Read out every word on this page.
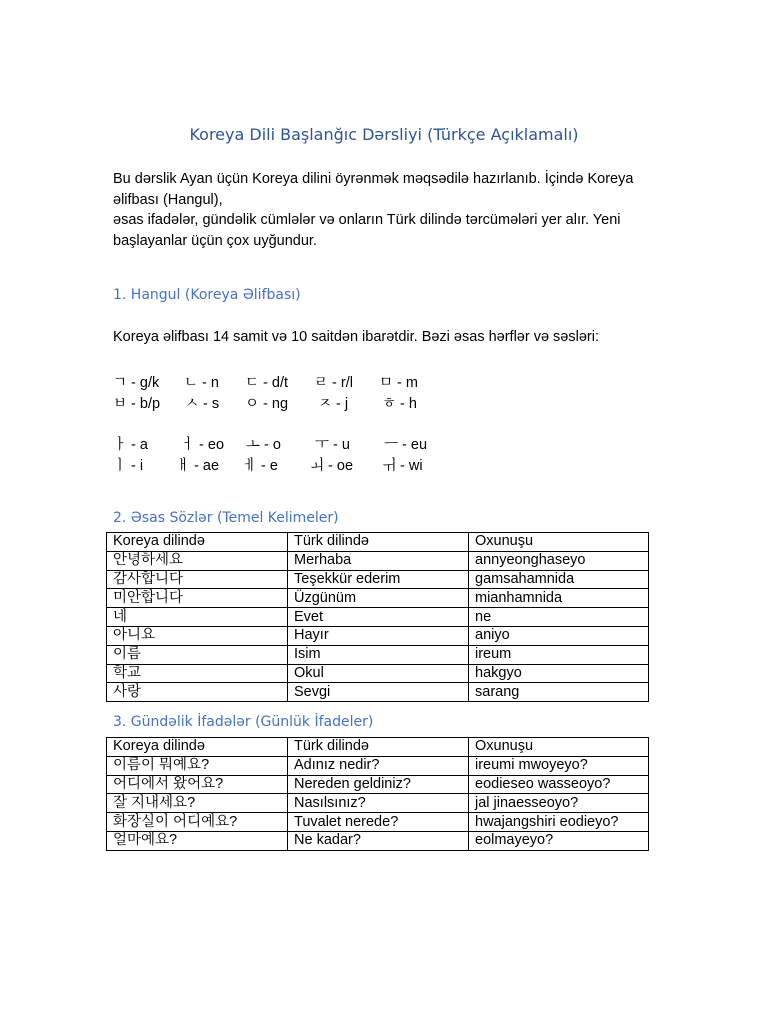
Koreya Dili Başlanğıc Dərsliyi (Türkçe Açıklamalı)
Bu dərslik Ayan üçün Koreya dilini öyrənmək məqsədilə hazırlanıb. İçində Koreya
əlifbası (Hangul),
əsas ifadələr, gündəlik cümlələr və onların Türk dilində tərcümələri yer alır. Yeni
başlayanlar üçün çox uyğundur.
1. Hangul (Koreya Əlifbası)
Koreya əlifbası 14 samit və 10 saitdən ibarətdir. Bəzi əsas hərflər və səsləri:
ㄱ - g/k ㄴ - n ㄷ - d/t ㄹ - r/l ㅁ - m
ㅂ - b/p ㅅ - s ㅇ - ng ㅈ - j ㅎ - h
ㅏ - a ㅓ - eo ㅗ - o ㅜ - u ㅡ - eu
ㅣ - i ㅐ - ae ㅔ - e ㅚ - oe ㅟ - wi
2. Əsas Sözlər (Temel Kelimeler)
Koreya dilində	Türk dilində	Oxunuşu
안녕하세요	Merhaba	annyeonghaseyo
감사합니다	Teşekkür ederim	gamsahamnida
미안합니다	Üzgünüm	mianhamnida
네	Evet	ne
아니요	Hayır	aniyo
이름	İsim	ireum
학교	Okul	hakgyo
사랑	Sevgi	sarang
3. Gündəlik İfadələr (Günlük İfadeler)
Koreya dilində	Türk dilində	Oxunuşu
이름이 뭐예요?	Adınız nedir?	ireumi mwoyeyo?
어디에서 왔어요?	Nereden geldiniz?	eodieseo wasseoyo?
잘 지내세요?	Nasılsınız?	jal jinaesseoyo?
화장실이 어디예요?	Tuvalet nerede?	hwajangshiri eodieyo?
얼마예요?	Ne kadar?	eolmayeyo?
